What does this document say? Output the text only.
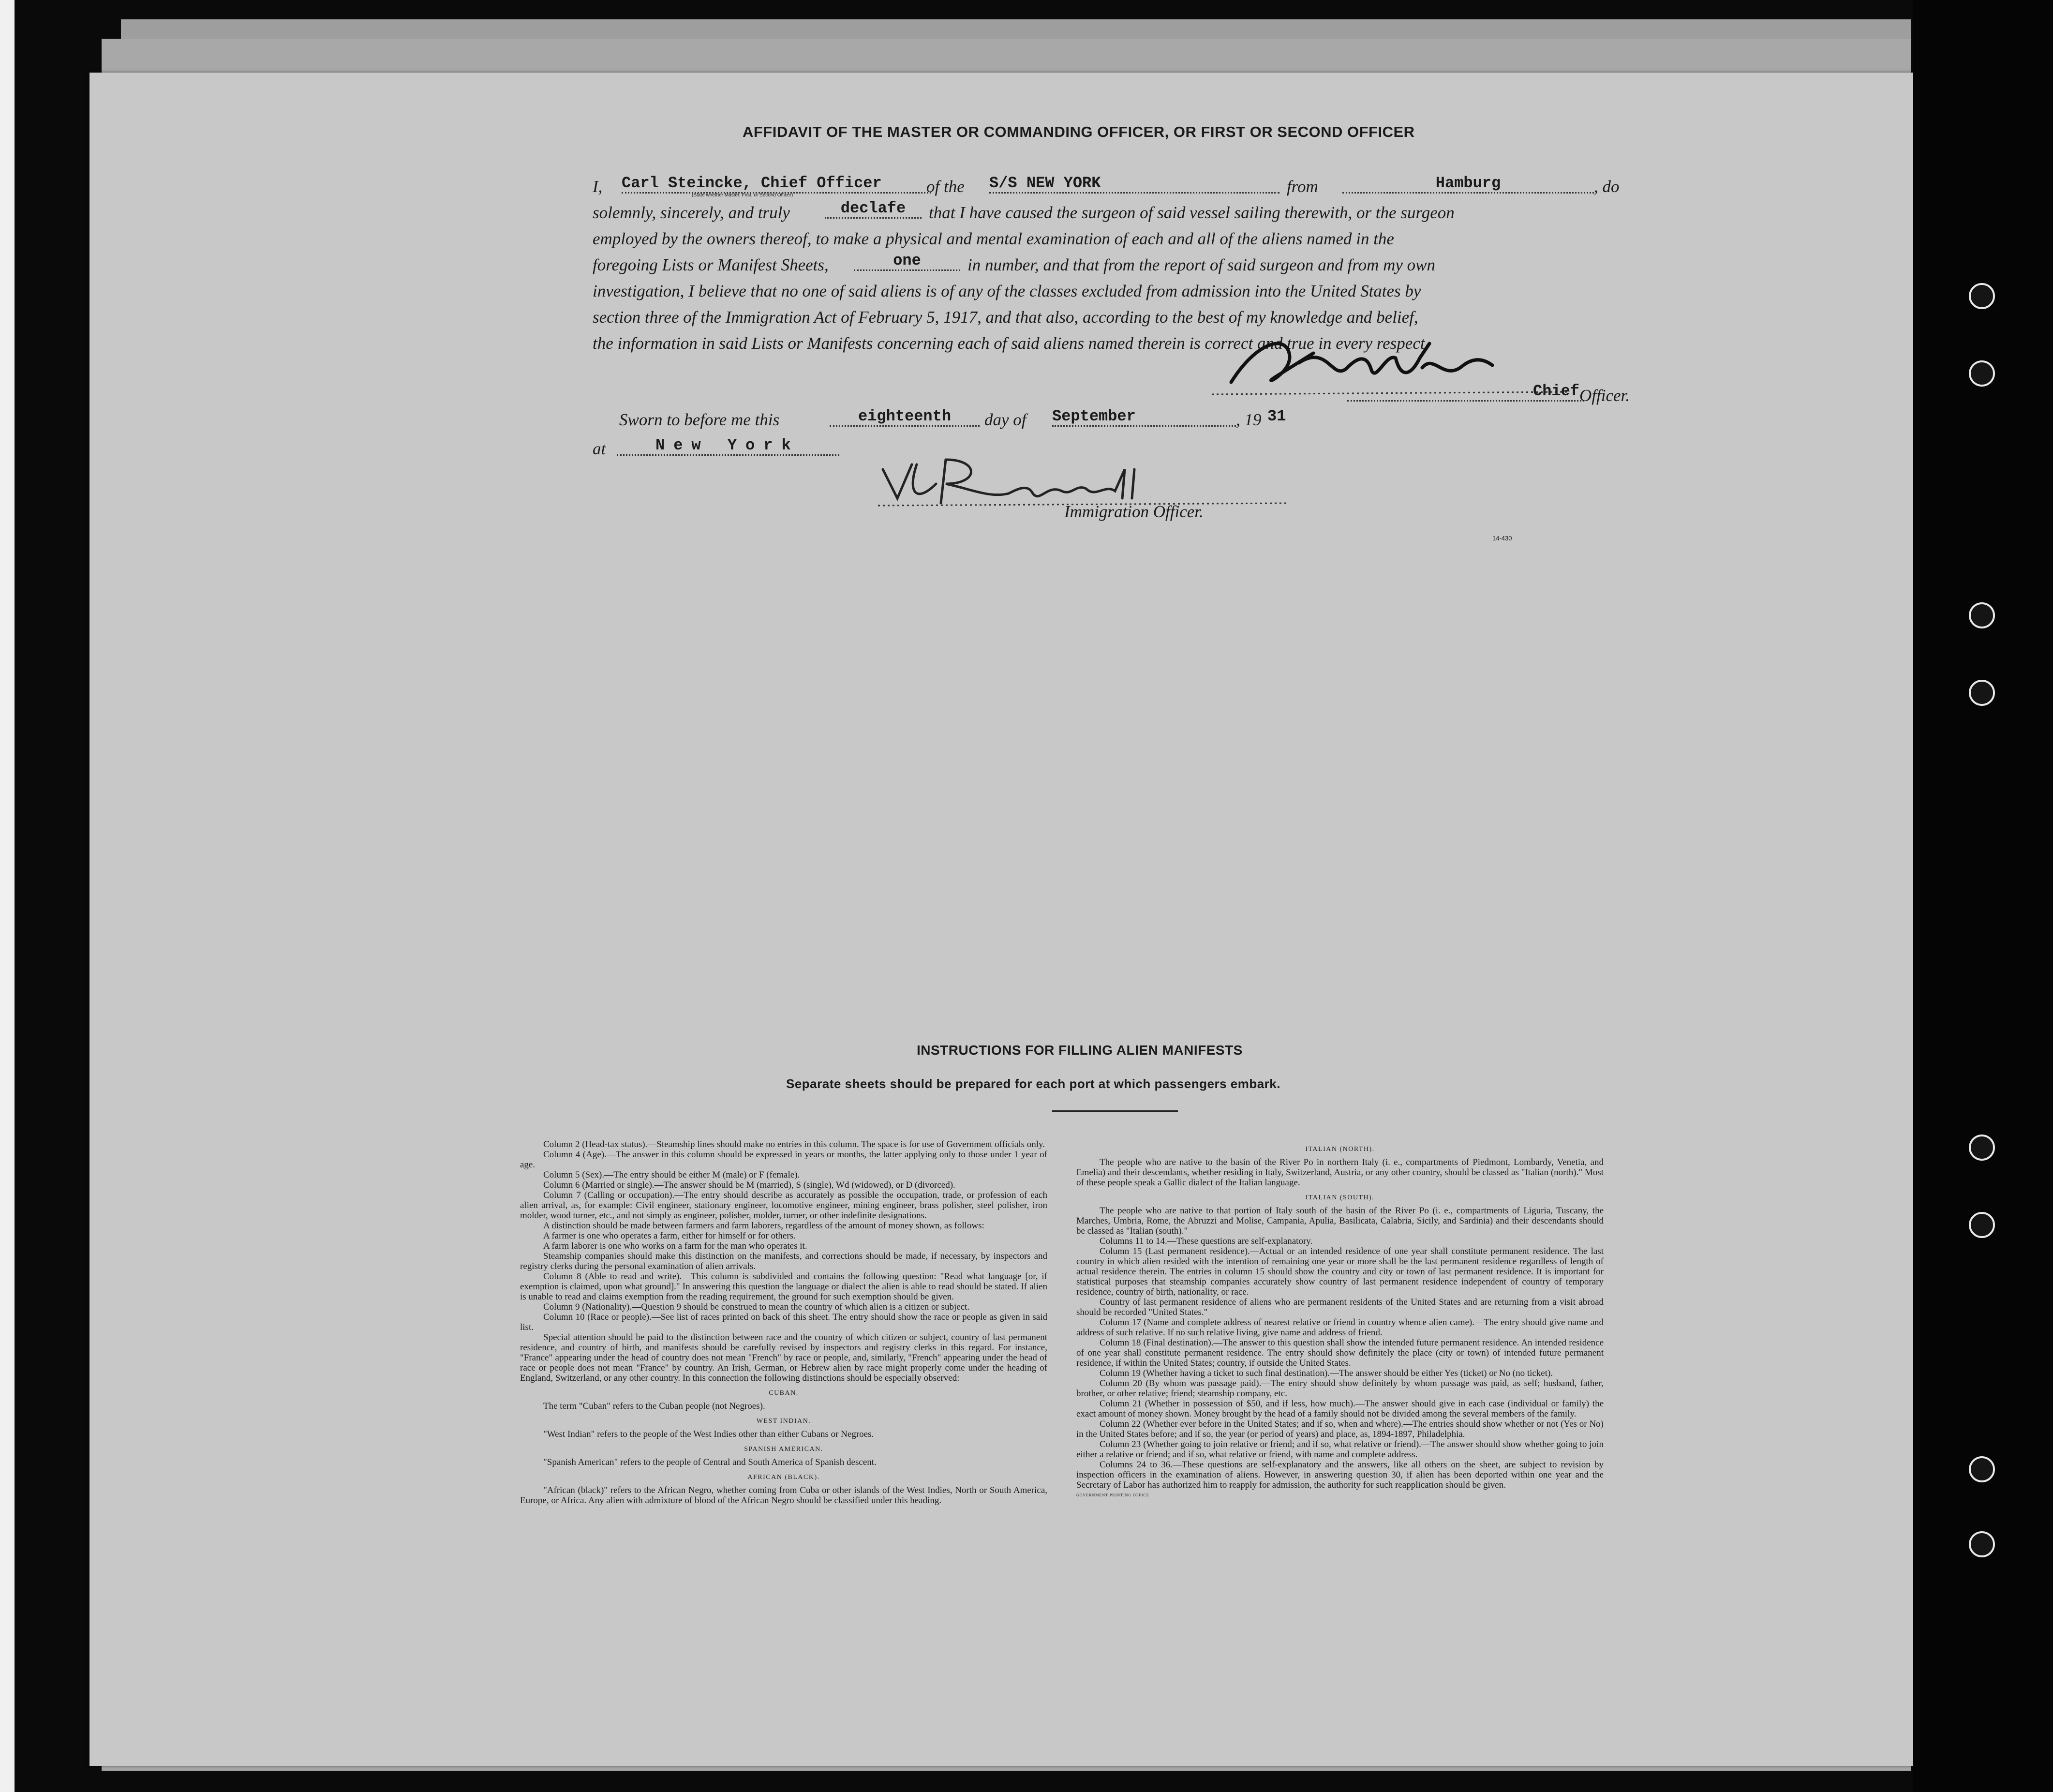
AFFIDAVIT OF THE MASTER OR COMMANDING OFFICER, OR FIRST OR SECOND OFFICER
I, Carl Steincke, Chief Officer
(State whether Master, First, or Second Officer)	of the S/S NEW YORK	from	Hamburg	, do
solemnly, sincerely, and truly	declafe	that I have caused the surgeon of said vessel sailing therewith, or the surgeon
employed by the owners thereof, to make a physical and mental examination of each and all of the aliens named in the
foregoing Lists or Manifest Sheets,	one	in number, and that from the report of said surgeon and from my own
investigation, I believe that no one of said aliens is of any of the classes excluded from admission into the United States by
section three of the Immigration Act of February 5, 1917, and that also, according to the best of my knowledge and belief,
the information in said Lists or Manifests concerning each of said aliens named therein is correct and true in every respect.
Chief Officer.
Sworn to before me this	eighteenth	day of September	, 19 31
at	New York
Immigration Officer.
14-430
INSTRUCTIONS FOR FILLING ALIEN MANIFESTS
Separate sheets should be prepared for each port at which passengers embark.

Column 2 (Head-tax status).—Steamship lines should make no entries in this column. The space is for use of Government officials only.

Column 4 (Age).—The answer in this column should be expressed in years or months, the latter applying only to those under 1 year of age.

Column 5 (Sex).—The entry should be either M (male) or F (female).

Column 6 (Married or single).—The answer should be M (married), S (single), Wd (widowed), or D (divorced).

Column 7 (Calling or occupation).—The entry should describe as accurately as possible the occupation, trade, or profession of each alien arrival, as, for example: Civil engineer, stationary engineer, locomotive engineer, mining engineer, brass polisher, steel polisher, iron molder, wood turner, etc., and not simply as engineer, polisher, molder, turner, or other indefinite designations.

A distinction should be made between farmers and farm laborers, regardless of the amount of money shown, as follows:

A farmer is one who operates a farm, either for himself or for others.

A farm laborer is one who works on a farm for the man who operates it.

Steamship companies should make this distinction on the manifests, and corrections should be made, if necessary, by inspectors and registry clerks during the personal examination of alien arrivals.

Column 8 (Able to read and write).—This column is subdivided and contains the following question: "Read what language [or, if exemption is claimed, upon what ground]." In answering this question the language or dialect the alien is able to read should be stated. If alien is unable to read and claims exemption from the reading requirement, the ground for such exemption should be given.

Column 9 (Nationality).—Question 9 should be construed to mean the country of which alien is a citizen or subject.

Column 10 (Race or people).—See list of races printed on back of this sheet. The entry should show the race or people as given in said list.

Special attention should be paid to the distinction between race and the country of which citizen or subject, country of last permanent residence, and country of birth, and manifests should be carefully revised by inspectors and registry clerks in this regard. For instance, "France" appearing under the head of country does not mean "French" by race or people, and, similarly, "French" appearing under the head of race or people does not mean "France" by country. An Irish, German, or Hebrew alien by race might properly come under the heading of England, Switzerland, or any other country. In this connection the following distinctions should be especially observed:

CUBAN.

The term "Cuban" refers to the Cuban people (not Negroes).

WEST INDIAN.

"West Indian" refers to the people of the West Indies other than either Cubans or Negroes.

SPANISH AMERICAN.

"Spanish American" refers to the people of Central and South America of Spanish descent.

AFRICAN (BLACK).

"African (black)" refers to the African Negro, whether coming from Cuba or other islands of the West Indies, North or South America, Europe, or Africa. Any alien with admixture of blood of the African Negro should be classified under this heading.

ITALIAN (NORTH).

The people who are native to the basin of the River Po in northern Italy (i. e., compartments of Piedmont, Lombardy, Venetia, and Emelia) and their descendants, whether residing in Italy, Switzerland, Austria, or any other country, should be classed as "Italian (north)." Most of these people speak a Gallic dialect of the Italian language.

ITALIAN (SOUTH).

The people who are native to that portion of Italy south of the basin of the River Po (i. e., compartments of Liguria, Tuscany, the Marches, Umbria, Rome, the Abruzzi and Molise, Campania, Apulia, Basilicata, Calabria, Sicily, and Sardinia) and their descendants should be classed as "Italian (south)."

Columns 11 to 14.—These questions are self-explanatory.

Column 15 (Last permanent residence).—Actual or an intended residence of one year shall constitute permanent residence. The last country in which alien resided with the intention of remaining one year or more shall be the last permanent residence regardless of length of actual residence therein. The entries in column 15 should show the country and city or town of last permanent residence. It is important for statistical purposes that steamship companies accurately show country of last permanent residence independent of country of temporary residence, country of birth, nationality, or race.

Country of last permanent residence of aliens who are permanent residents of the United States and are returning from a visit abroad should be recorded "United States."

Column 17 (Name and complete address of nearest relative or friend in country whence alien came).—The entry should give name and address of such relative. If no such relative living, give name and address of friend.

Column 18 (Final destination).—The answer to this question shall show the intended future permanent residence. An intended residence of one year shall constitute permanent residence. The entry should show definitely the place (city or town) of intended future permanent residence, if within the United States; country, if outside the United States.

Column 19 (Whether having a ticket to such final destination).—The answer should be either Yes (ticket) or No (no ticket).

Column 20 (By whom was passage paid).—The entry should show definitely by whom passage was paid, as self; husband, father, brother, or other relative; friend; steamship company, etc.

Column 21 (Whether in possession of $50, and if less, how much).—The answer should give in each case (individual or family) the exact amount of money shown. Money brought by the head of a family should not be divided among the several members of the family.

Column 22 (Whether ever before in the United States; and if so, when and where).—The entries should show whether or not (Yes or No) in the United States before; and if so, the year (or period of years) and place, as, 1894-1897, Philadelphia.

Column 23 (Whether going to join relative or friend; and if so, what relative or friend).—The answer should show whether going to join either a relative or friend; and if so, what relative or friend, with name and complete address.

Columns 24 to 36.—These questions are self-explanatory and the answers, like all others on the sheet, are subject to revision by inspection officers in the examination of aliens. However, in answering question 30, if alien has been deported within one year and the Secretary of Labor has authorized him to reapply for admission, the authority for such reapplication should be given.

GOVERNMENT PRINTING OFFICE
